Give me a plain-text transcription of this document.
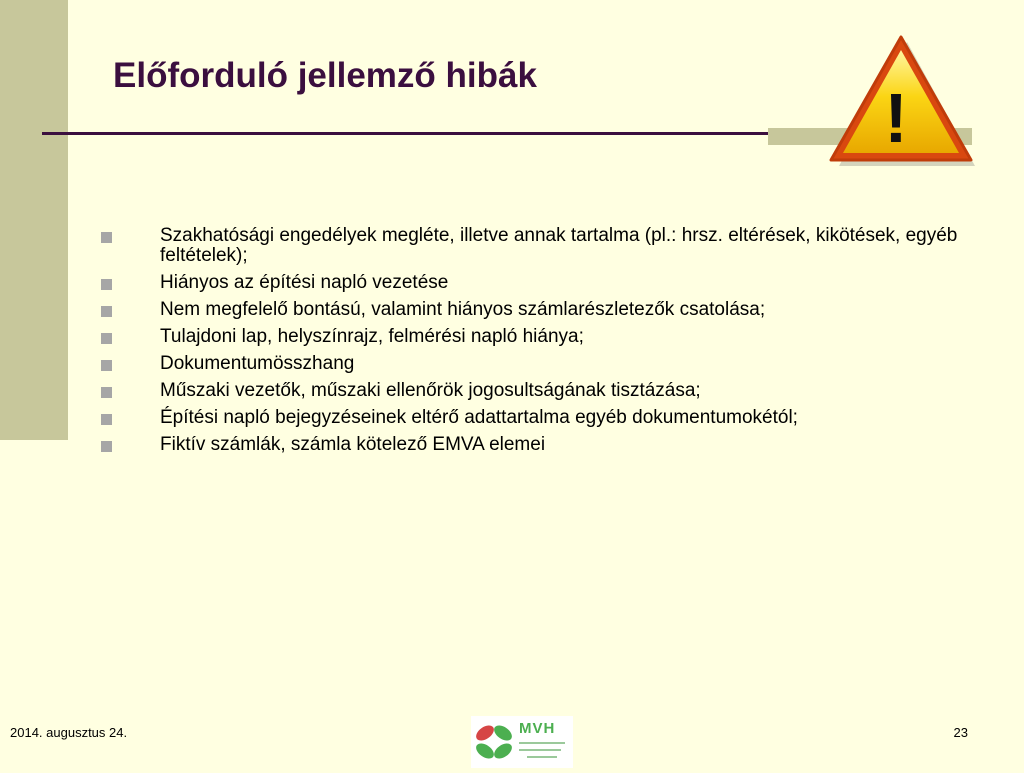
Előforduló jellemző hibák
!
Szakhatósági engedélyek megléte, illetve annak tartalma (pl.: hrsz. eltérések, kikötések, egyéb feltételek);
Hiányos az építési napló vezetése
Nem megfelelő bontású, valamint hiányos számlarészletezők csatolása;
Tulajdoni lap, helyszínrajz, felmérési napló hiánya;
Dokumentumösszhang
Műszaki vezetők, műszaki ellenőrök jogosultságának tisztázása;
Építési napló bejegyzéseinek eltérő adattartalma egyéb dokumentumokétól;
Fiktív számlák, számla kötelező EMVA elemei
2014. augusztus 24.	MVH	23
